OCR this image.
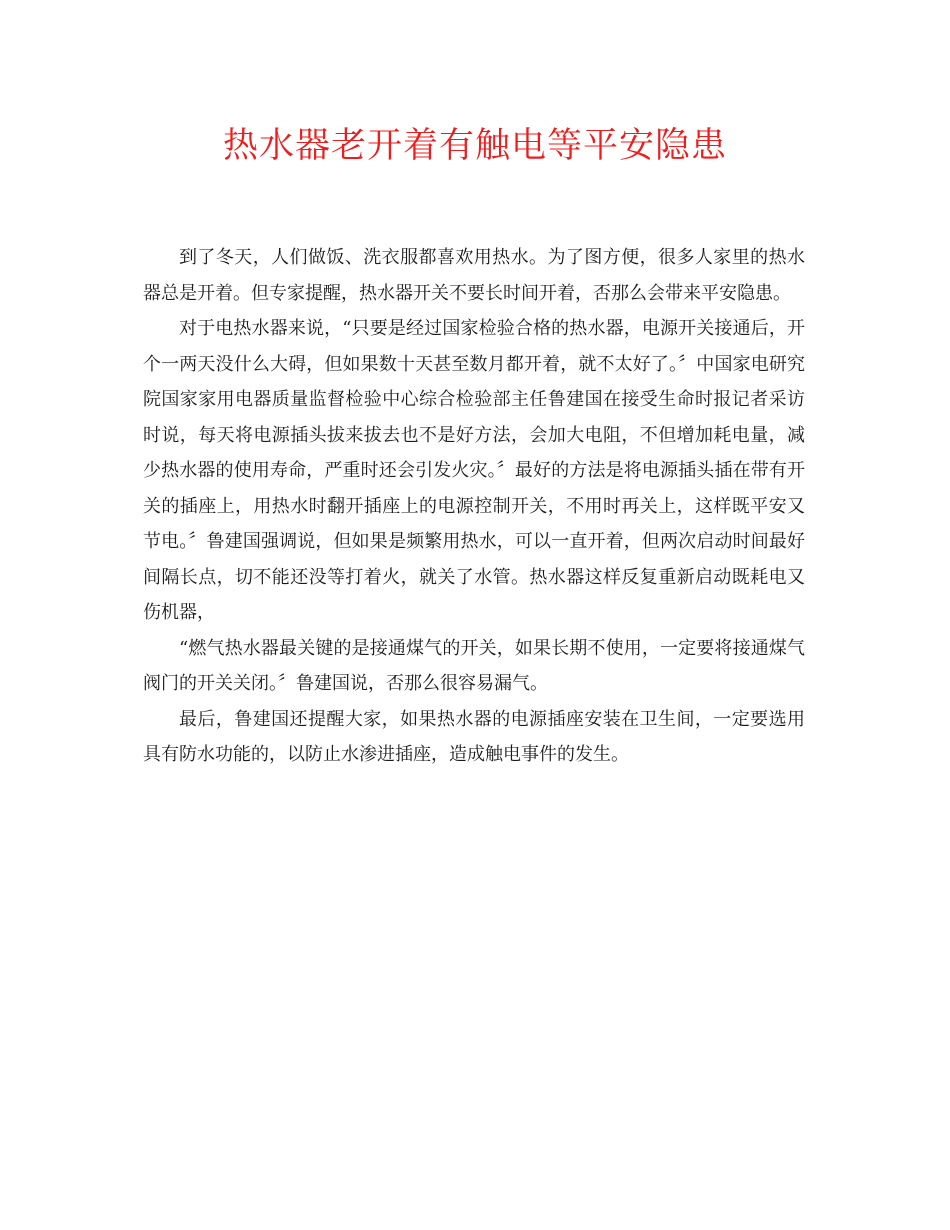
热水器老开着有触电等平安隐患

到了冬天，人们做饭、洗衣服都喜欢用热水。为了图方便，很多人家里的热水器总是开着。但专家提醒，热水器开关不要长时间开着，否那么会带来平安隐患。

对于电热水器来说，“只要是经过国家检验合格的热水器，电源开关接通后，开个一两天没什么大碍，但如果数十天甚至数月都开着，就不太好了。〞中国家电研究院国家家用电器质量监督检验中心综合检验部主任鲁建国在接受生命时报记者采访时说，每天将电源插头拔来拔去也不是好方法，会加大电阻，不但增加耗电量，减少热水器的使用寿命，严重时还会引发火灾。〞最好的方法是将电源插头插在带有开关的插座上，用热水时翻开插座上的电源控制开关，不用时再关上，这样既平安又节电。〞鲁建国强调说，但如果是频繁用热水，可以一直开着，但两次启动时间最好间隔长点，切不能还没等打着火，就关了水管。热水器这样反复重新启动既耗电又伤机器，

“燃气热水器最关键的是接通煤气的开关，如果长期不使用，一定要将接通煤气阀门的开关关闭。〞鲁建国说，否那么很容易漏气。

最后，鲁建国还提醒大家，如果热水器的电源插座安装在卫生间，一定要选用具有防水功能的，以防止水渗进插座，造成触电事件的发生。
